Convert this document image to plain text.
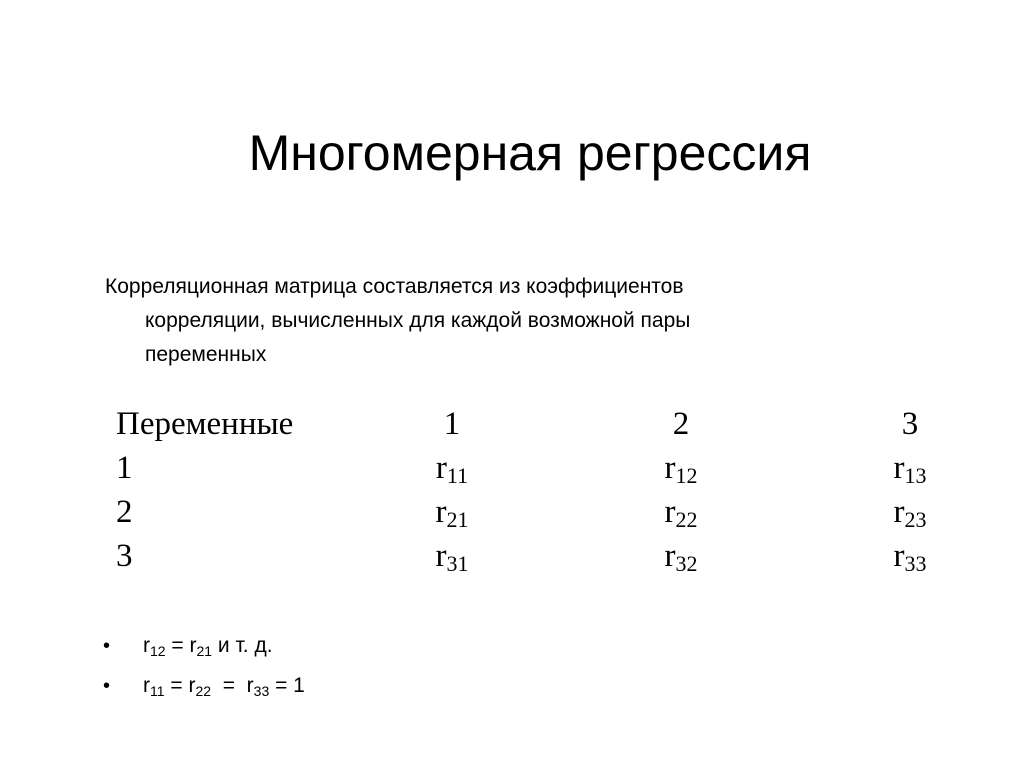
Многомерная регрессия
Корреляционная матрица составляется из коэффициентов
корреляции, вычисленных для каждой возможной пары
переменных
Переменные	1	2	3
1	$r_{11}$	$r_{12}$	$r_{13}$
2	$r_{21}$	$r_{22}$	$r_{23}$
3	$r_{31}$	$r_{32}$	$r_{33}$
• r12 = r21 и т. д.
• r11 = r22  =  r33 = 1
